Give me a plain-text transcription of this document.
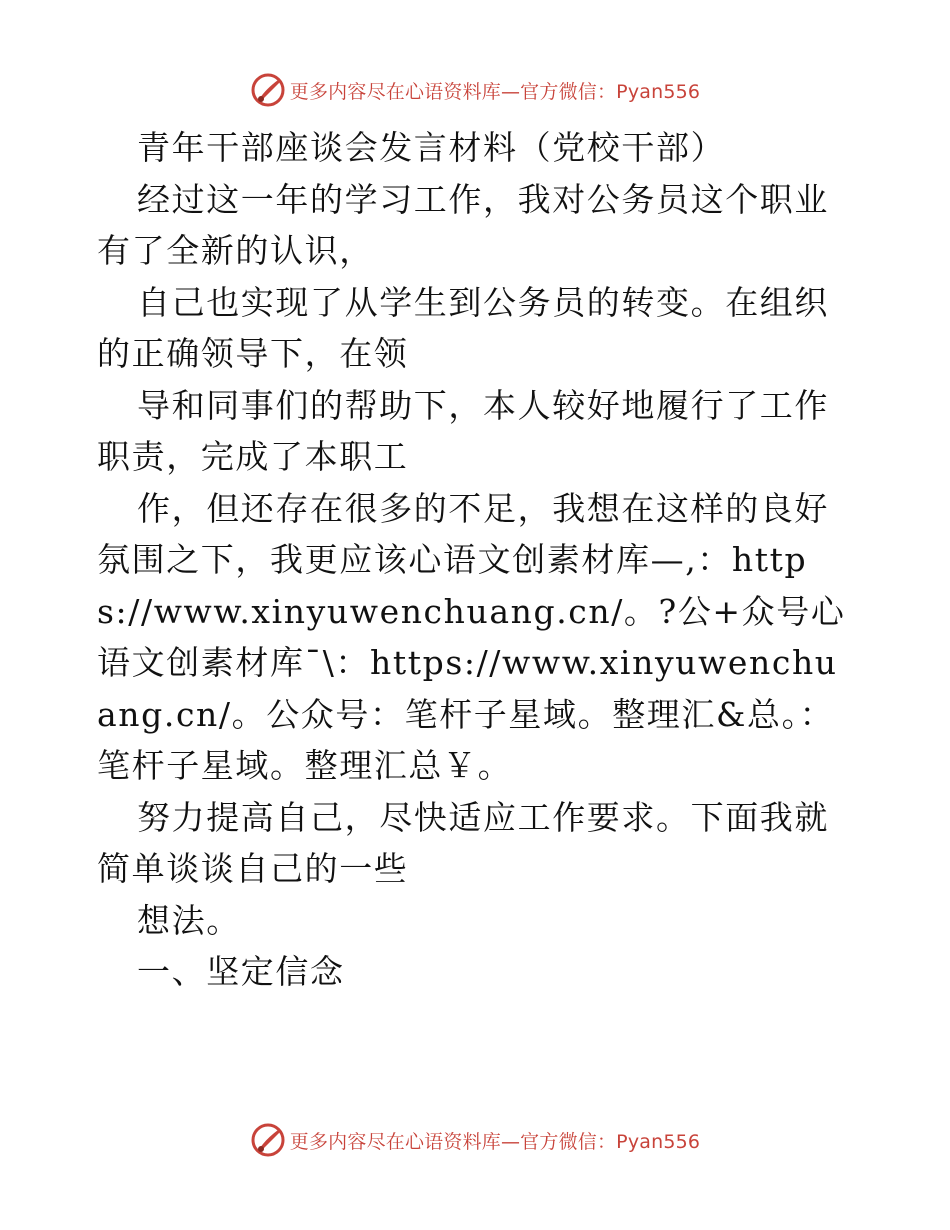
更多内容尽在心语资料库—官方微信：Pyan556

青年干部座谈会发言材料（党校干部）

经过这一年的学习工作，我对公务员这个职业有了全新的认识，

自己也实现了从学生到公务员的转变。在组织的正确领导下，在领

导和同事们的帮助下，本人较好地履行了工作职责，完成了本职工

作，但还存在很多的不足，我想在这样的良好氛围之下，我更应该心语文创素材库—,：https://www.xinyuwenchuang.cn/。?公+众号心语文创素材库¯\：https://www.xinyuwenchuang.cn/。公众号：笔杆子星域。整理汇&总。：笔杆子星域。整理汇总￥。

努力提高自己，尽快适应工作要求。下面我就简单谈谈自己的一些

想法。

一、坚定信念

更多内容尽在心语资料库—官方微信：Pyan556
